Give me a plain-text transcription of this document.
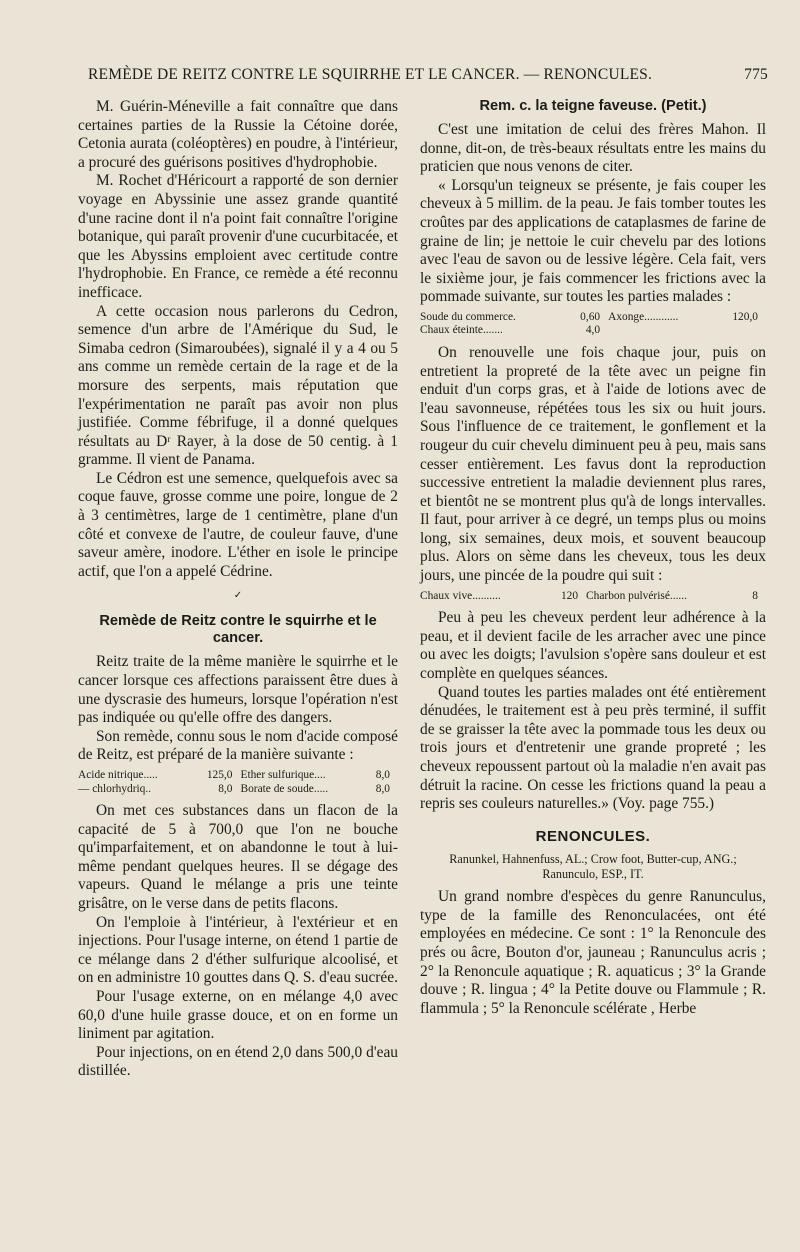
REMÈDE DE REITZ CONTRE LE SQUIRRHE ET LE CANCER. — RENONCULES.	775

M. Guérin-Méneville a fait connaître que dans certaines parties de la Russie la Cétoine dorée, Cetonia aurata (coléoptères) en poudre, à l'intérieur, a procuré des guérisons positives d'hydrophobie.

M. Rochet d'Héricourt a rapporté de son dernier voyage en Abyssinie une assez grande quantité d'une racine dont il n'a point fait connaître l'origine botanique, qui paraît provenir d'une cucurbitacée, et que les Abyssins emploient avec certitude contre l'hydrophobie. En France, ce remède a été reconnu inefficace.

A cette occasion nous parlerons du Cedron, semence d'un arbre de l'Amérique du Sud, le Simaba cedron (Simaroubées), signalé il y a 4 ou 5 ans comme un remède certain de la rage et de la morsure des serpents, mais réputation que l'expérimentation ne paraît pas avoir non plus justifiée. Comme fébrifuge, il a donné quelques résultats au Dʳ Rayer, à la dose de 50 centig. à 1 gramme. Il vient de Panama.

Le Cédron est une semence, quelquefois avec sa coque fauve, grosse comme une poire, longue de 2 à 3 centimètres, large de 1 centimètre, plane d'un côté et convexe de l'autre, de couleur fauve, d'une saveur amère, inodore. L'éther en isole le principe actif, que l'on a appelé Cédrine.

✓
Remède de Reitz contre le squirrhe et le cancer.

Reitz traite de la même manière le squirrhe et le cancer lorsque ces affections paraissent être dues à une dyscrasie des humeurs, lorsque l'opération n'est pas indiquée ou qu'elle offre des dangers.

Son remède, connu sous le nom d'acide composé de Reitz, est préparé de la manière suivante :

Acide nitrique.....	125,0	Ether sulfurique....	8,0
— chlorhydriq..	8,0	Borate de soude.....	8,0

On met ces substances dans un flacon de la capacité de 5 à 700,0 que l'on ne bouche qu'imparfaitement, et on abandonne le tout à lui-même pendant quelques heures. Il se dégage des vapeurs. Quand le mélange a pris une teinte grisâtre, on le verse dans de petits flacons.

On l'emploie à l'intérieur, à l'extérieur et en injections. Pour l'usage interne, on étend 1 partie de ce mélange dans 2 d'éther sulfurique alcoolisé, et on en administre 10 gouttes dans Q. S. d'eau sucrée.

Pour l'usage externe, on en mélange 4,0 avec 60,0 d'une huile grasse douce, et on en forme un liniment par agitation.

Pour injections, on en étend 2,0 dans 500,0 d'eau distillée.

Rem. c. la teigne faveuse. (Petit.)

C'est une imitation de celui des frères Mahon. Il donne, dit-on, de très-beaux résultats entre les mains du praticien que nous venons de citer.

« Lorsqu'un teigneux se présente, je fais couper les cheveux à 5 millim. de la peau. Je fais tomber toutes les croûtes par des applications de cataplasmes de farine de graine de lin; je nettoie le cuir chevelu par des lotions avec l'eau de savon ou de lessive légère. Cela fait, vers le sixième jour, je fais commencer les frictions avec la pommade suivante, sur toutes les parties malades :

Soude du commerce.	0,60	Axonge............	120,0
Chaux éteinte.......	4,0		

On renouvelle une fois chaque jour, puis on entretient la propreté de la tête avec un peigne fin enduit d'un corps gras, et à l'aide de lotions avec de l'eau savonneuse, répétées tous les six ou huit jours. Sous l'influence de ce traitement, le gonflement et la rougeur du cuir chevelu diminuent peu à peu, mais sans cesser entièrement. Les favus dont la reproduction successive entretient la maladie deviennent plus rares, et bientôt ne se montrent plus qu'à de longs intervalles. Il faut, pour arriver à ce degré, un temps plus ou moins long, six semaines, deux mois, et souvent beaucoup plus. Alors on sème dans les cheveux, tous les deux jours, une pincée de la poudre qui suit :

Chaux vive..........	120	Charbon pulvérisé......	8

Peu à peu les cheveux perdent leur adhérence à la peau, et il devient facile de les arracher avec une pince ou avec les doigts; l'avulsion s'opère sans douleur et est complète en quelques séances.

Quand toutes les parties malades ont été entièrement dénudées, le traitement est à peu près terminé, il suffit de se graisser la tête avec la pommade tous les deux ou trois jours et d'entretenir une grande propreté ; les cheveux repoussent partout où la maladie n'en avait pas détruit la racine. On cesse les frictions quand la peau a repris ses couleurs naturelles.» (Voy. page 755.)

RENONCULES.
Ranunkel, Hahnenfuss, AL.; Crow foot, Butter-cup, ANG.; Ranunculo, ESP., IT.

Un grand nombre d'espèces du genre Ranunculus, type de la famille des Renonculacées, ont été employées en médecine. Ce sont : 1° la Renoncule des prés ou âcre, Bouton d'or, jauneau ; Ranunculus acris ; 2° la Renoncule aquatique ; R. aquaticus ; 3° la Grande douve ; R. lingua ; 4° la Petite douve ou Flammule ; R. flammula ; 5° la Renoncule scélérate , Herbe
